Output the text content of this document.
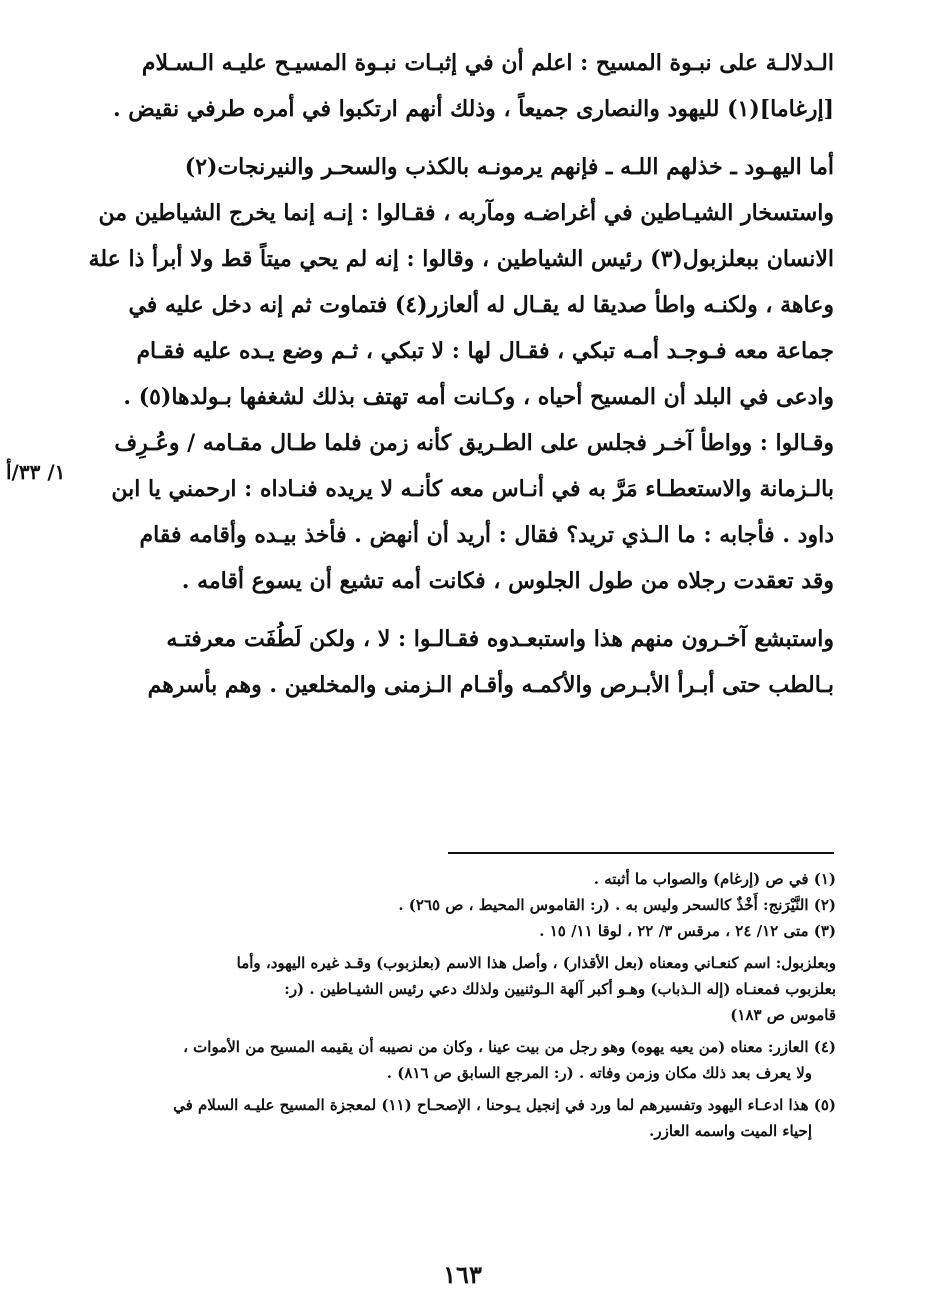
الـدلالـة على نبـوة المسيح : اعلم أن في إثبـات نبـوة المسيـح عليـه الـسـلام
[إرغاما](١) لليهود والنصارى جميعاً ، وذلك أنهم ارتكبوا في أمره طرفي نقيض .
أما اليهـود ـ خذلهم اللـه ـ فإنهم يرمونـه بالكذب والسحـر والنيرنجات(٢)
واستسخار الشيـاطين في أغراضـه ومآربه ، فقـالوا : إنـه إنما يخرج الشياطين من
الانسان ببعلزبول(٣) رئيس الشياطين ، وقالوا : إنه لم يحي ميتاً قط ولا أبرأ ذا علة
وعاهة ، ولكنـه واطأ صديقا له يقـال له ألعازر(٤) فتماوت ثم إنه دخل عليه في
جماعة معه فـوجـد أمـه تبكي ، فقـال لها : لا تبكي ، ثـم وضع يـده عليه فقـام
وادعى في البلد أن المسيح أحياه ، وكـانت أمه تهتف بذلك لشغفها بـولدها(٥) .
وقـالوا : وواطأ آخـر فجلس على الطـريق كأنه زمن فلما طـال مقـامه / وعُـرِف
بالـزمانة والاستعطـاء مَرَّ به في أنـاس معه كأنـه لا يريده فنـاداه : ارحمني يا ابن
داود . فأجابه : ما الـذي تريد؟ فقال : أريد أن أنهض . فأخذ بيـده وأقامه فقام
وقد تعقدت رجلاه من طول الجلوس ، فكانت أمه تشيع أن يسوع أقامه .
واستبشع آخـرون منهم هذا واستبعـدوه فقـالـوا : لا ، ولكن لَطُفَت معرفتـه
بـالطب حتى أبـرأ الأبـرص والأكمـه وأقـام الـزمنى والمخلعين . وهم بأسرهم
١/ ٣٣/أ
(١) في ص (إرغام) والصواب ما أثبته .
(٢) النَّيْرَنج: أَخْذٌ كالسحر وليس به . (ر: القاموس المحيط ، ص ٢٦٥) .
(٣) متى ١٢/ ٢٤ ، مرقس ٣/ ٢٢ ، لوقا ١١/ ١٥ .
وبعلزبول: اسم كنعـاني ومعناه (بعل الأقذار) ، وأصل هذا الاسم (بعلزبوب) وقـد غيره اليهود، وأما
بعلزبوب فمعنـاه (إله الـذباب) وهـو أكبر آلهة الـوثنيين ولذلك دعي رئيس الشيـاطين . (ر:
قاموس ص ١٨٣)
(٤) العازر: معناه (من يعيه يهوه) وهو رجل من بيت عينا ، وكان من نصيبه أن يقيمه المسيح من الأموات ،
ولا يعرف بعد ذلك مكان وزمن وفاته . (ر: المرجع السابق ص ٨١٦) .
(٥) هذا ادعـاء اليهود وتفسيرهم لما ورد في إنجيل يـوحنا ، الإصحـاح (١١) لمعجزة المسيح عليـه السلام في
إحياء الميت واسمه العازر.
١٦٣
